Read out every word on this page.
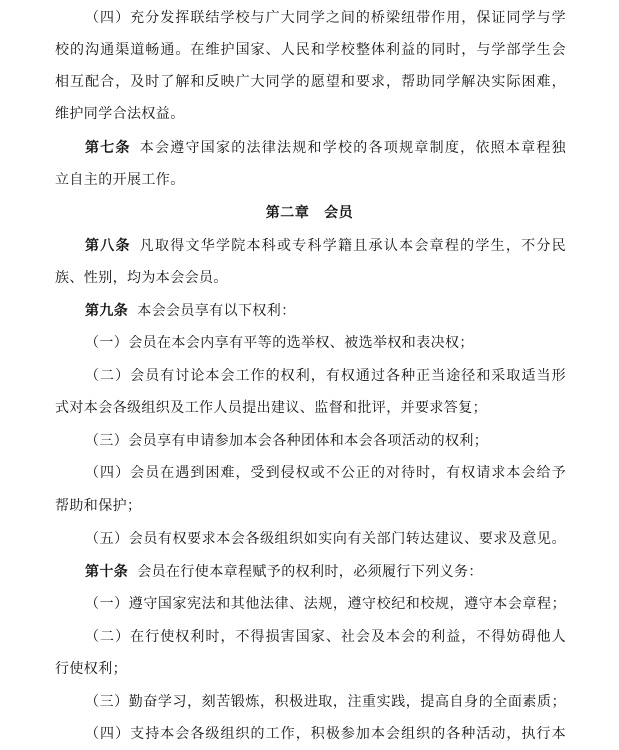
（四）充分发挥联结学校与广大同学之间的桥梁纽带作用，保证同学与学

校的沟通渠道畅通。在维护国家、人民和学校整体利益的同时，与学部学生会

相互配合，及时了解和反映广大同学的愿望和要求，帮助同学解决实际困难，

维护同学合法权益。

第七条 本会遵守国家的法律法规和学校的各项规章制度，依照本章程独

立自主的开展工作。

第二章　会员

第八条 凡取得文华学院本科或专科学籍且承认本会章程的学生，不分民

族、性别，均为本会会员。

第九条 本会会员享有以下权利：

（一）会员在本会内享有平等的选举权、被选举权和表决权；

（二）会员有讨论本会工作的权利，有权通过各种正当途径和采取适当形

式对本会各级组织及工作人员提出建议、监督和批评，并要求答复；

（三）会员享有申请参加本会各种团体和本会各项活动的权利；

（四）会员在遇到困难，受到侵权或不公正的对待时，有权请求本会给予

帮助和保护；

（五）会员有权要求本会各级组织如实向有关部门转达建议、要求及意见。

第十条 会员在行使本章程赋予的权利时，必须履行下列义务：

（一）遵守国家宪法和其他法律、法规，遵守校纪和校规，遵守本会章程；

（二）在行使权利时，不得损害国家、社会及本会的利益，不得妨碍他人

行使权利；

（三）勤奋学习，刻苦锻炼，积极进取，注重实践，提高自身的全面素质；

（四）支持本会各级组织的工作，积极参加本会组织的各种活动，执行本
